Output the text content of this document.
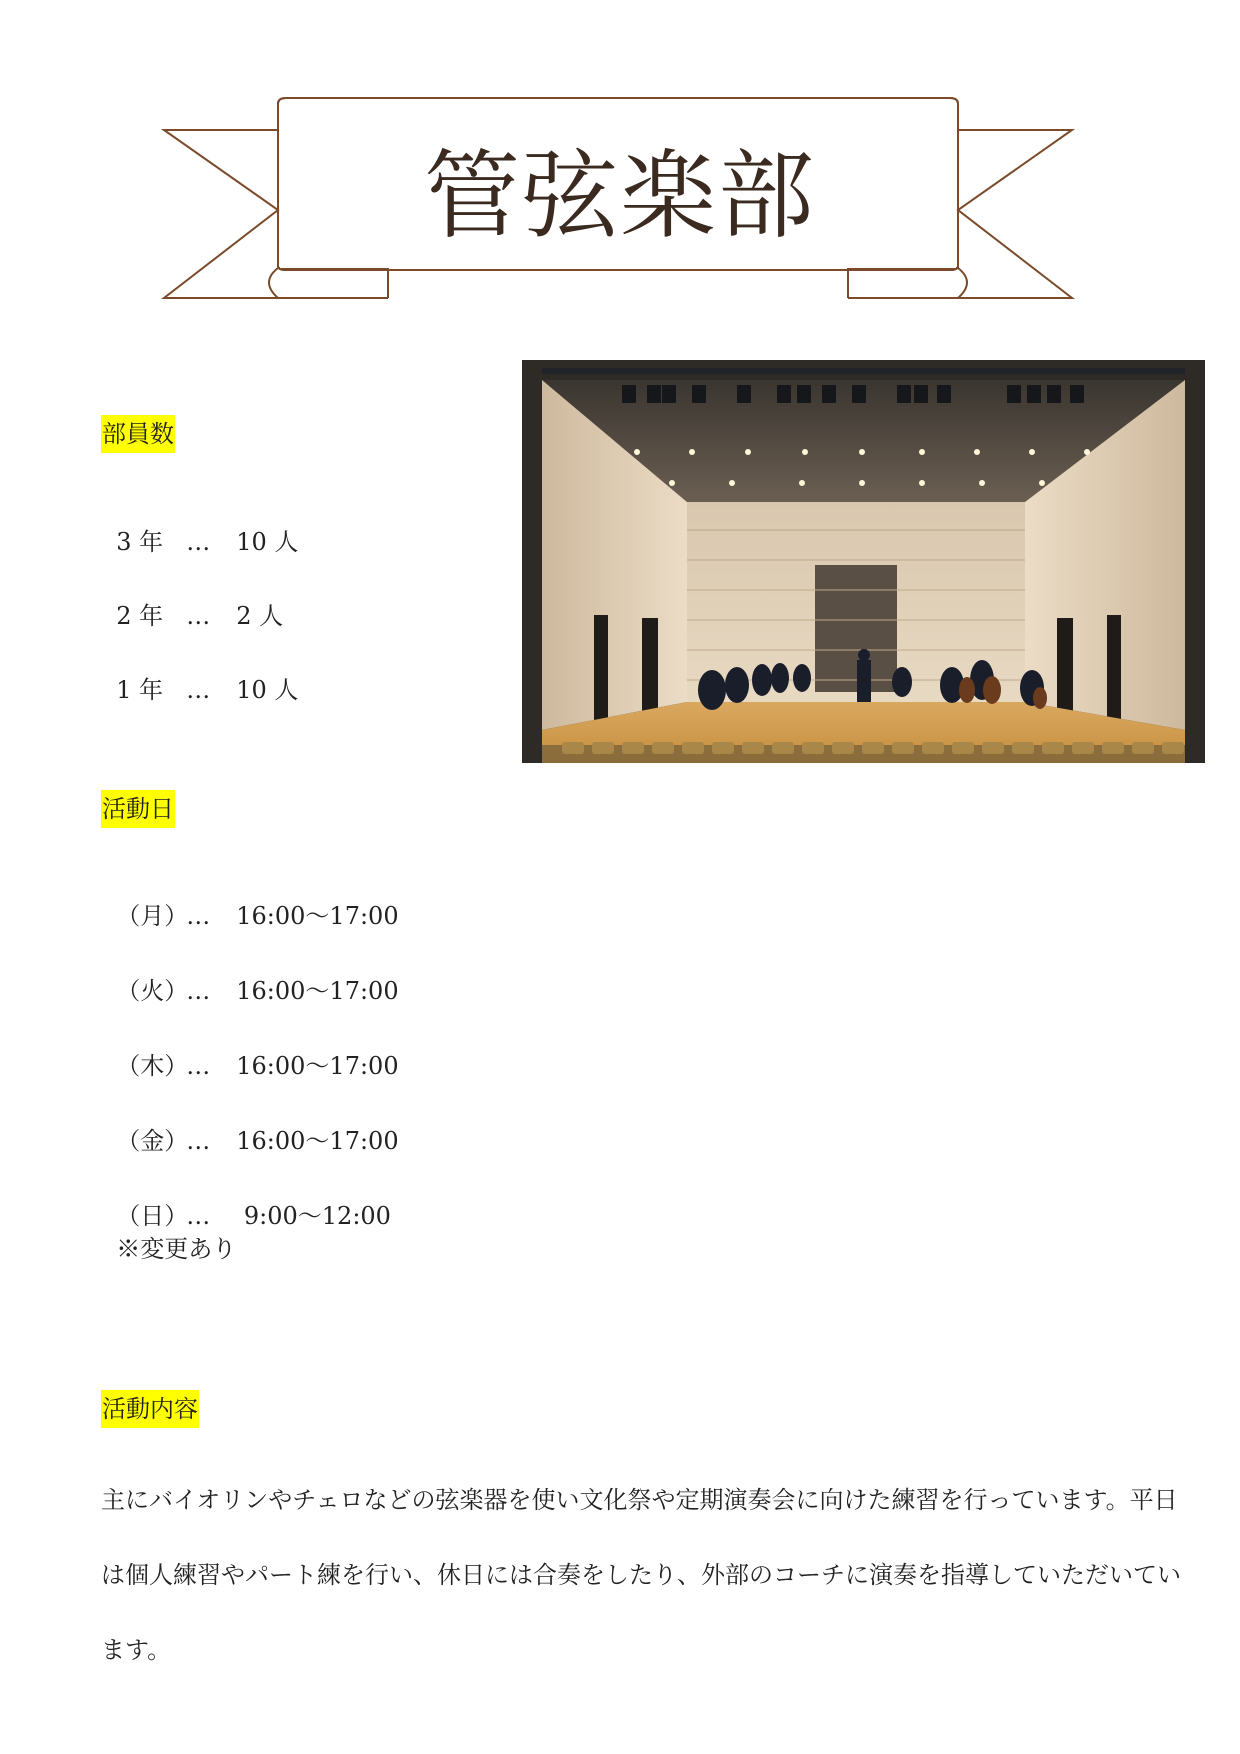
管弦楽部
部員数

3 年 … 10 人

2 年 … 2 人

1 年 … 10 人

活動日

（月）… 16:00～17:00

（火）… 16:00～17:00

（木）… 16:00～17:00

（金）… 16:00～17:00

（日）… 9:00～12:00
※変更あり

活動内容
主にバイオリンやチェロなどの弦楽器を使い文化祭や定期演奏会に向けた練習を行っています。平日は個人練習やパート練を行い、休日には合奏をしたり、外部のコーチに演奏を指導していただいています。
